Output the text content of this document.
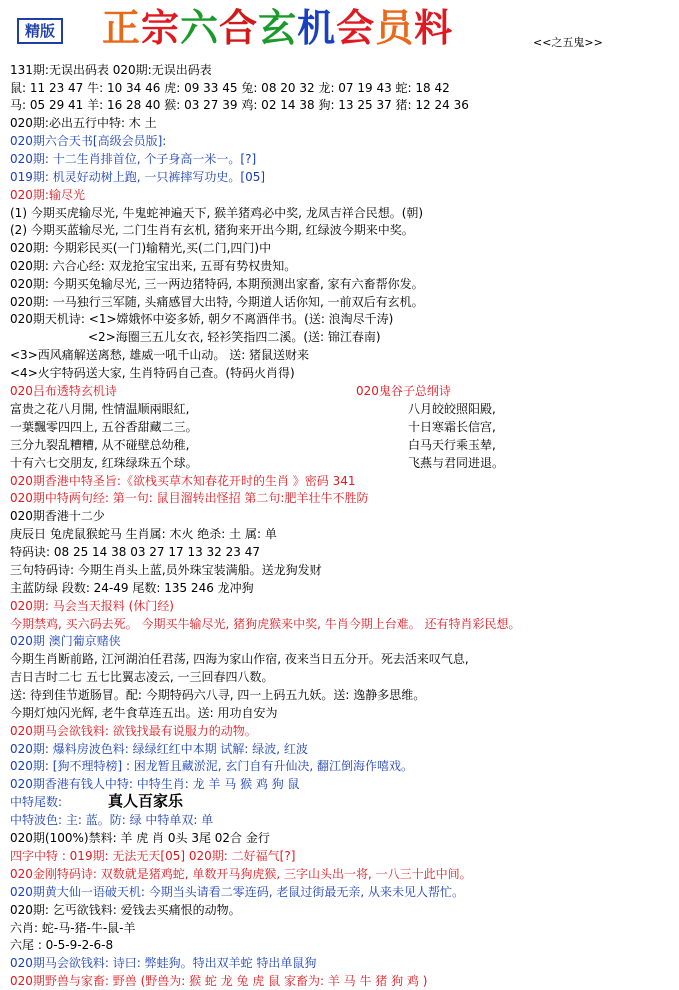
精版 正宗六合玄机会员料	<<之五鬼>>
131期:无误出码表 020期:无误出码表
鼠: 11 23 47 牛: 10 34 46 虎: 09 33 45 兔: 08 20 32 龙: 07 19 43 蛇: 18 42
马: 05 29 41 羊: 16 28 40 猴: 03 27 39 鸡: 02 14 38 狗: 13 25 37 猪: 12 24 36
020期:必出五行中特: 木 土
020期六合天书[高级会员版]:
020期: 十二生肖排首位, 个子身高一米一。[?]
019期: 机灵好动树上跑, 一只裤摔写功史。[05]
020期:输尽光
(1) 今期买虎输尽光, 牛鬼蛇神遍天下, 猴羊猪鸡必中奖, 龙凤吉祥合民想。(朝)
(2) 今期买蓝输尽光, 二门生肖有玄机, 猪狗来开出今期, 红绿波今期来中奖。
020期: 今期彩民买(一门)输精光,买(二门,四门)中
020期: 六合心经: 双龙抢宝宝出来, 五哥有势权贵知。
020期: 今期买兔输尽光, 三一两边猪特码, 本期预测出家畜, 家有六畜帮你发。
020期: 一马独行三军随, 头痛感冒大出特, 今期道人话你知, 一前双后有玄机。
020期天机诗: <1>嫦娥怀中姿多娇, 朝夕不离酒伴书。(送: 浪淘尽千涛)
<2>海圈三五儿女衣, 轻衫笑指四二溪。(送: 锦江春南)
<3>西风痛解送离愁, 雄威一吼千山动。 送: 猪鼠送财来
<4>火宇特码送大家, 生肖特码自己查。(特码火肖得)
020吕布透特玄机诗	020鬼谷子总纲诗
富贵之花八月開, 性情温顺兩眼紅,
一葉飄零四四上, 五谷香甜藏二三。
三分九裂乱糟糟, 从不碰壁总幼稚,
十有六七交朋友, 红珠绿珠五个球。
八月皎皎照阳殿,
十日寒霜长信宫,
白马天行乘玉辇,
飞燕与君同进退。
020期香港中特圣旨:《欲栈买草木知春花开时的生肖 》密码 341
020期中特两句经: 第一句: 鼠目溜转出怪招 第二句:肥羊壮牛不胜防
020期香港十二少
庚辰日 兔虎鼠猴蛇马 生肖属: 木火 绝杀: 土 属: 单
特码诀: 08 25 14 38 03 27 17 13 32 23 47
三句特码诗: 今期生肖头上蓝,员外珠宝装满船。送龙狗发财
主蓝防绿 段数: 24-49 尾数: 135 246 龙冲狗
020期: 马会当天报料 (休门经)
今期禁鸡, 买六码去死。 今期买牛输尽光, 猪狗虎猴来中奖, 牛肖今期上台难。 还有特肖彩民想。
020期 澳门葡京赌侠
今期生肖断前路, 江河湖泊任君荡, 四海为家山作宿, 夜来当日五分开。死去活来叹气息,
吉日吉时二七 五七比翼志凌云, 一三回春四八数。
送: 待到佳节逝肠冒。配: 今期特码六八寻, 四一上码五九妖。送: 逸静多思维。
今期灯烛闪光辉, 老牛食草连五出。送: 用功自安为
020期马会欲钱料: 欲钱找最有说服力的动物。
020期: 爆料房波色料: 绿绿红红中本期 试解: 绿波, 红波
020期: [狗不理特榜] : 困龙暂且藏淤泥, 玄门自有升仙决, 翻江倒海作嘻戏。
020期香港有钱人中特: 中特生肖: 龙 羊 马 猴 鸡 狗 鼠
中特尾数:
中特波色: 主: 蓝。防: 绿 中特单双: 单
020期(100%)禁料: 羊 虎 肖 0头 3尾 02合 金行
真人百家乐
四字中特 : 019期: 无法无天[05] 020期: 二好福气[?]
020金刚特码诗: 双数就是猪鸡蛇, 单数开马狗虎猴, 三字山头出一将, 一八三十此中间。
020期黄大仙一语破天机: 今期当头请看二零连码, 老鼠过街最无亲, 从来未见人帮忙。
020期: 乞丐欲钱料: 爱钱去买痛恨的动物。
六肖: 蛇-马-猪-牛-鼠-羊
六尾 : 0-5-9-2-6-8
020期马会欲钱料: 诗曰: 弊蛙狗。特出双羊蛇 特出单鼠狗
020期野兽与家畜: 野兽 (野兽为: 猴 蛇 龙 兔 虎 鼠 家畜为: 羊 马 牛 猪 狗 鸡 )
